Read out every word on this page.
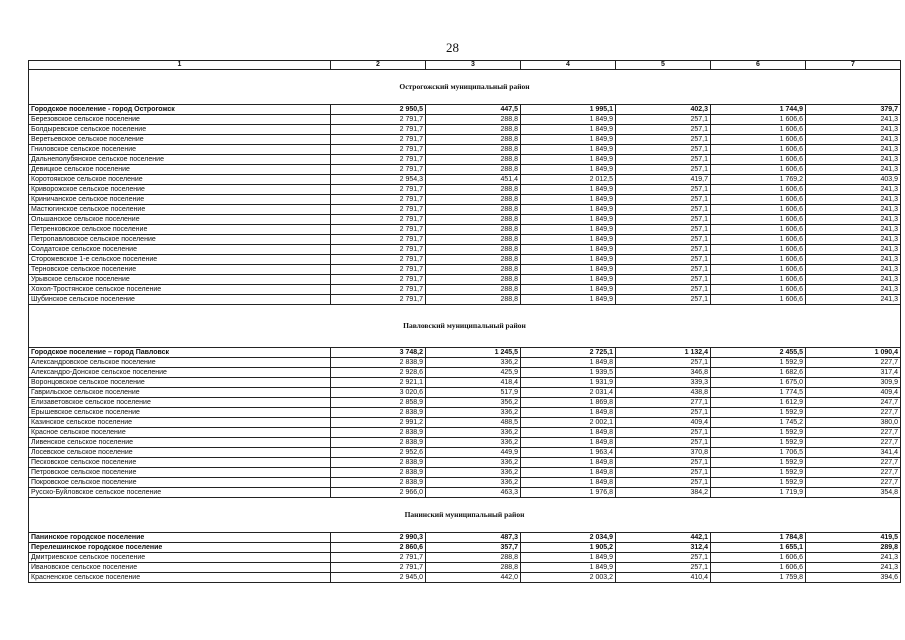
28
1	2	3	4	5	6	7
Острогожский муниципальный район						
Городское поселение - город Острогожск	2 950,5	447,5	1 995,1	402,3	1 744,9	379,7
Березовское сельское поселение	2 791,7	288,8	1 849,9	257,1	1 606,6	241,3
Болдыревское сельское поселение	2 791,7	288,8	1 849,9	257,1	1 606,6	241,3
Веретьевское сельское поселение	2 791,7	288,8	1 849,9	257,1	1 606,6	241,3
Гниловское сельское поселение	2 791,7	288,8	1 849,9	257,1	1 606,6	241,3
Дальнеполубянское сельское поселение	2 791,7	288,8	1 849,9	257,1	1 606,6	241,3
Девицкое сельское поселение	2 791,7	288,8	1 849,9	257,1	1 606,6	241,3
Коротоякское сельское поселение	2 954,3	451,4	2 012,5	419,7	1 769,2	403,9
Криворожское сельское поселение	2 791,7	288,8	1 849,9	257,1	1 606,6	241,3
Криничанское сельское поселение	2 791,7	288,8	1 849,9	257,1	1 606,6	241,3
Мастюгинское сельское поселение	2 791,7	288,8	1 849,9	257,1	1 606,6	241,3
Ольшанское сельское поселение	2 791,7	288,8	1 849,9	257,1	1 606,6	241,3
Петренковское сельское поселение	2 791,7	288,8	1 849,9	257,1	1 606,6	241,3
Петропавловское сельское поселение	2 791,7	288,8	1 849,9	257,1	1 606,6	241,3
Солдатское сельское поселение	2 791,7	288,8	1 849,9	257,1	1 606,6	241,3
Сторожевское 1-е сельское поселение	2 791,7	288,8	1 849,9	257,1	1 606,6	241,3
Терновское сельское поселение	2 791,7	288,8	1 849,9	257,1	1 606,6	241,3
Урывское сельское поселение	2 791,7	288,8	1 849,9	257,1	1 606,6	241,3
Хохол-Тростянское сельское поселение	2 791,7	288,8	1 849,9	257,1	1 606,6	241,3
Шубинское сельское поселение	2 791,7	288,8	1 849,9	257,1	1 606,6	241,3
Павловский муниципальный район						
Городское поселение – город Павловск	3 748,2	1 245,5	2 725,1	1 132,4	2 455,5	1 090,4
Александровское сельское поселение	2 838,9	336,2	1 849,8	257,1	1 592,9	227,7
Александро-Донское сельское поселение	2 928,6	425,9	1 939,5	346,8	1 682,6	317,4
Воронцовское сельское поселение	2 921,1	418,4	1 931,9	339,3	1 675,0	309,9
Гаврильское сельское поселение	3 020,6	517,9	2 031,4	438,8	1 774,5	409,4
Елизаветовское сельское поселение	2 858,9	356,2	1 869,8	277,1	1 612,9	247,7
Ерышевское сельское поселение	2 838,9	336,2	1 849,8	257,1	1 592,9	227,7
Казинское сельское поселение	2 991,2	488,5	2 002,1	409,4	1 745,2	380,0
Красное сельское поселение	2 838,9	336,2	1 849,8	257,1	1 592,9	227,7
Ливенское сельское поселение	2 838,9	336,2	1 849,8	257,1	1 592,9	227,7
Лосевское сельское поселение	2 952,6	449,9	1 963,4	370,8	1 706,5	341,4
Песковское сельское поселение	2 838,9	336,2	1 849,8	257,1	1 592,9	227,7
Петровское сельское поселение	2 838,9	336,2	1 849,8	257,1	1 592,9	227,7
Покровское сельское поселение	2 838,9	336,2	1 849,8	257,1	1 592,9	227,7
Русско-Буйловское сельское поселение	2 966,0	463,3	1 976,8	384,2	1 719,9	354,8
Панинский муниципальный район						
Панинское городское поселение	2 990,3	487,3	2 034,9	442,1	1 784,8	419,5
Перелешинское городское поселение	2 860,6	357,7	1 905,2	312,4	1 655,1	289,8
Дмитриевское сельское поселение	2 791,7	288,8	1 849,9	257,1	1 606,6	241,3
Ивановское сельское поселение	2 791,7	288,8	1 849,9	257,1	1 606,6	241,3
Красненское сельское поселение	2 945,0	442,0	2 003,2	410,4	1 759,8	394,6
